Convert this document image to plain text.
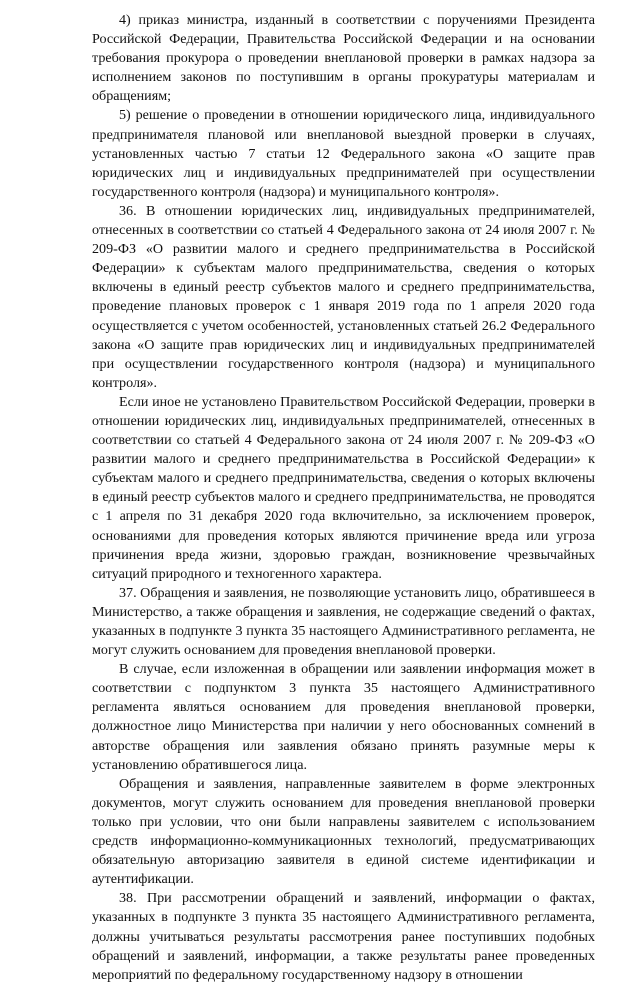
4) приказ министра, изданный в соответствии с поручениями Президента Российской Федерации, Правительства Российской Федерации и на основании требования прокурора о проведении внеплановой проверки в рамках надзора за исполнением законов по поступившим в органы прокуратуры материалам и обращениям;

5) решение о проведении в отношении юридического лица, индивидуального предпринимателя плановой или внеплановой выездной проверки в случаях, установленных частью 7 статьи 12 Федерального закона «О защите прав юридических лиц и индивидуальных предпринимателей при осуществлении государственного контроля (надзора) и муниципального контроля».

36. В отношении юридических лиц, индивидуальных предпринимателей, отнесенных в соответствии со статьей 4 Федерального закона от 24 июля 2007 г. № 209-ФЗ «О развитии малого и среднего предпринимательства в Российской Федерации» к субъектам малого предпринимательства, сведения о которых включены в единый реестр субъектов малого и среднего предпринимательства, проведение плановых проверок с 1 января 2019 года по 1 апреля 2020 года осуществляется с учетом особенностей, установленных статьей 26.2 Федерального закона «О защите прав юридических лиц и индивидуальных предпринимателей при осуществлении государственного контроля (надзора) и муниципального контроля».

Если иное не установлено Правительством Российской Федерации, проверки в отношении юридических лиц, индивидуальных предпринимателей, отнесенных в соответствии со статьей 4 Федерального закона от 24 июля 2007 г. № 209-ФЗ «О развитии малого и среднего предпринимательства в Российской Федерации» к субъектам малого и среднего предпринимательства, сведения о которых включены в единый реестр субъектов малого и среднего предпринимательства, не проводятся с 1 апреля по 31 декабря 2020 года включительно, за исключением проверок, основаниями для проведения которых являются причинение вреда или угроза причинения вреда жизни, здоровью граждан, возникновение чрезвычайных ситуаций природного и техногенного характера.

37. Обращения и заявления, не позволяющие установить лицо, обратившееся в Министерство, а также обращения и заявления, не содержащие сведений о фактах, указанных в подпункте 3 пункта 35 настоящего Административного регламента, не могут служить основанием для проведения внеплановой проверки.

В случае, если изложенная в обращении или заявлении информация может в соответствии с подпунктом 3 пункта 35 настоящего Административного регламента являться основанием для проведения внеплановой проверки, должностное лицо Министерства при наличии у него обоснованных сомнений в авторстве обращения или заявления обязано принять разумные меры к установлению обратившегося лица.

Обращения и заявления, направленные заявителем в форме электронных документов, могут служить основанием для проведения внеплановой проверки только при условии, что они были направлены заявителем с использованием средств информационно-коммуникационных технологий, предусматривающих обязательную авторизацию заявителя в единой системе идентификации и аутентификации.

38. При рассмотрении обращений и заявлений, информации о фактах, указанных в подпункте 3 пункта 35 настоящего Административного регламента, должны учитываться результаты рассмотрения ранее поступивших подобных обращений и заявлений, информации, а также результаты ранее проведенных мероприятий по федеральному государственному надзору в отношении
